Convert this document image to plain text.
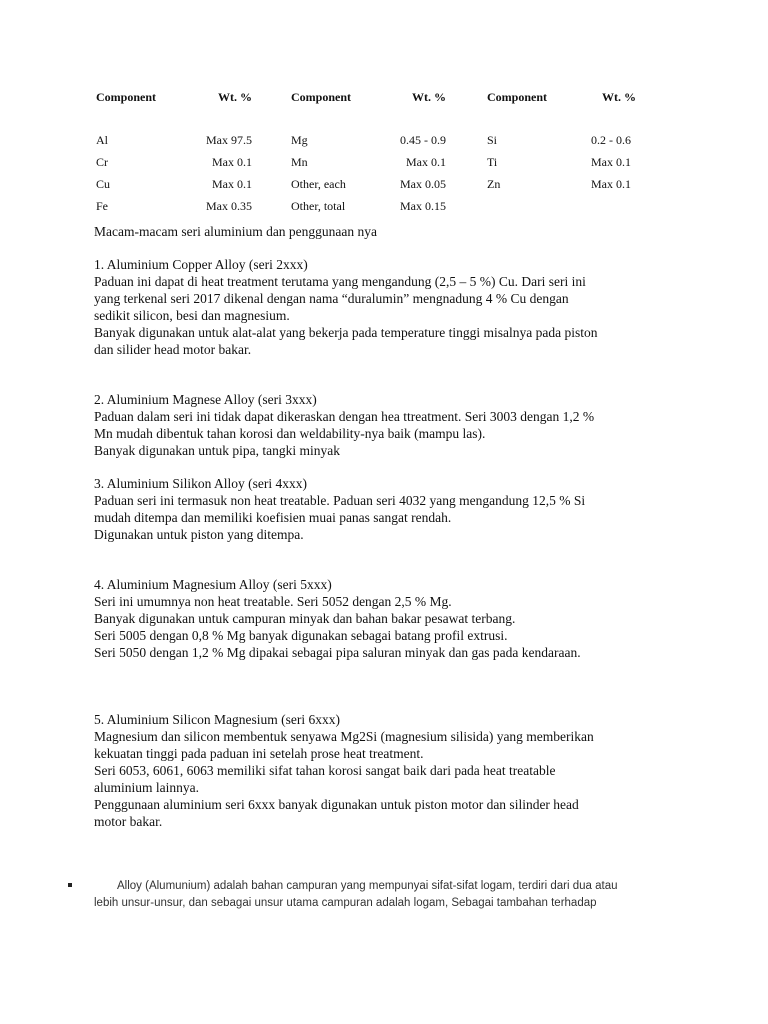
Component	Wt. %	Component	Wt. %	Component	Wt. %
Al	Max 97.5	Mg	0.45 - 0.9	Si	0.2 - 0.6
Cr	Max 0.1	Mn	Max 0.1	Ti	Max 0.1
Cu	Max 0.1	Other, each	Max 0.05	Zn	Max 0.1
Fe	Max 0.35	Other, total	Max 0.15

Macam-macam seri aluminium dan penggunaan nya

1. Aluminium Copper Alloy (seri 2xxx)

Paduan ini dapat di heat treatment terutama yang mengandung (2,5 – 5 %) Cu. Dari seri ini

yang terkenal seri 2017 dikenal dengan nama “duralumin” mengnadung 4 % Cu dengan

sedikit silicon, besi dan magnesium.

Banyak digunakan untuk alat-alat yang bekerja pada temperature tinggi misalnya pada piston

dan silider head motor bakar.

2. Aluminium Magnese Alloy (seri 3xxx)

Paduan dalam seri ini tidak dapat dikeraskan dengan hea ttreatment. Seri 3003 dengan 1,2 %

Mn mudah dibentuk tahan korosi dan weldability-nya baik (mampu las).

Banyak digunakan untuk pipa, tangki minyak

3. Aluminium Silikon Alloy (seri 4xxx)

Paduan seri ini termasuk non heat treatable. Paduan seri 4032 yang mengandung 12,5 % Si

mudah ditempa dan memiliki koefisien muai panas sangat rendah.

Digunakan untuk piston yang ditempa.

4. Aluminium Magnesium Alloy (seri 5xxx)

Seri ini umumnya non heat treatable. Seri 5052 dengan 2,5 % Mg.

Banyak digunakan untuk campuran minyak dan bahan bakar pesawat terbang.

Seri 5005 dengan 0,8 % Mg banyak digunakan sebagai batang profil extrusi.

Seri 5050 dengan 1,2 % Mg dipakai sebagai pipa saluran minyak dan gas pada kendaraan.

5. Aluminium Silicon Magnesium (seri 6xxx)

Magnesium dan silicon membentuk senyawa Mg2Si (magnesium silisida) yang memberikan

kekuatan tinggi pada paduan ini setelah prose heat treatment.

Seri 6053, 6061, 6063 memiliki sifat tahan korosi sangat baik dari pada heat treatable

aluminium lainnya.

Penggunaan aluminium seri 6xxx banyak digunakan untuk piston motor dan silinder head

motor bakar.

Alloy (Alumunium) adalah bahan campuran yang mempunyai sifat-sifat logam, terdiri dari dua atau
lebih unsur-unsur, dan sebagai unsur utama campuran adalah logam, Sebagai tambahan terhadap
